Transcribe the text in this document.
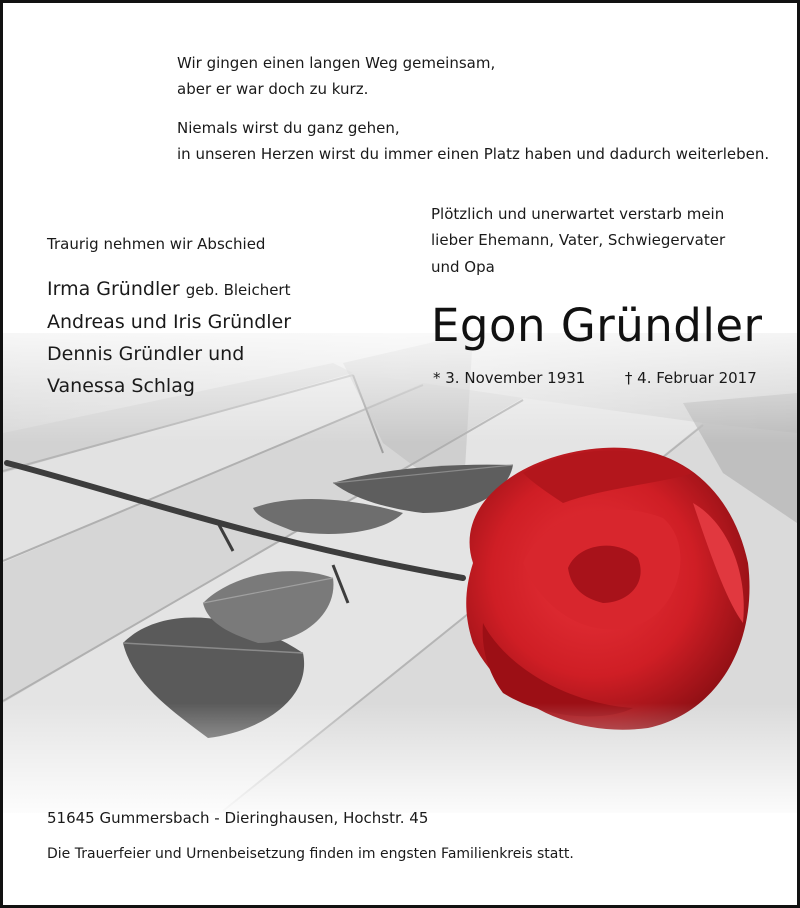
Wir gingen einen langen Weg gemeinsam,
aber er war doch zu kurz.

Niemals wirst du ganz gehen,
in unseren Herzen wirst du immer einen Platz haben und dadurch weiterleben.

Traurig nehmen wir Abschied
Irma Gründler geb. Bleichert
Andreas und Iris Gründler
Dennis Gründler und
Vanessa Schlag
Plötzlich und unerwartet verstarb mein
lieber Ehemann, Vater, Schwiegervater
und Opa
Egon Gründler
* 3. November 1931	† 4. Februar 2017
51645 Gummersbach - Dieringhausen, Hochstr. 45
Die Trauerfeier und Urnenbeisetzung finden im engsten Familienkreis statt.
